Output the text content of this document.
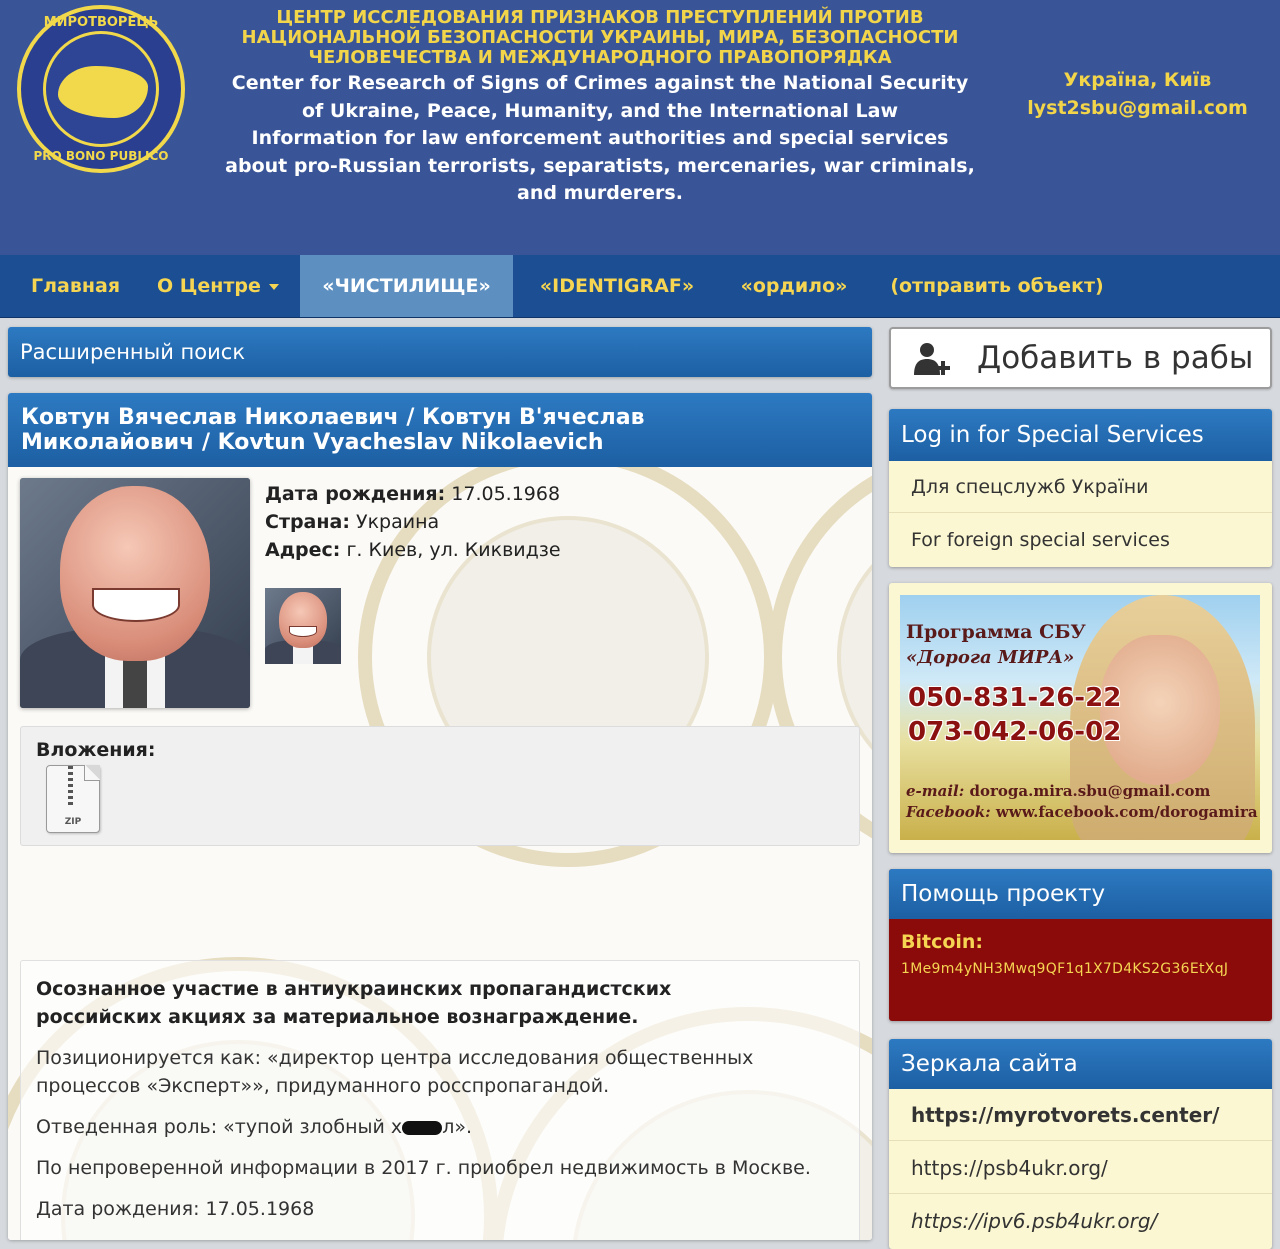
МИРОТВОРЕЦЬ
PRO BONO PUBLICO
ЦЕНТР ИССЛЕДОВАНИЯ ПРИЗНАКОВ ПРЕСТУПЛЕНИЙ ПРОТИВ
НАЦИОНАЛЬНОЙ БЕЗОПАСНОСТИ УКРАИНЫ, МИРА, БЕЗОПАСНОСТИ
ЧЕЛОВЕЧЕСТВА И МЕЖДУНАРОДНОГО ПРАВОПОРЯДКА
Center for Research of Signs of Crimes against the National Security
of Ukraine, Peace, Humanity, and the International Law
Information for law enforcement authorities and special services
about pro-Russian terrorists, separatists, mercenaries, war criminals,
and murderers.
Україна, Київ
lyst2sbu@gmail.com
Главная	О Центре	«ЧИСТИЛИЩЕ»	«IDENTIGRAF»	«ордило»	(отправить объект)
Расширенный поиск
Ковтун Вячеслав Николаевич / Ковтун В'ячеслав
Миколайович / Kovtun Vyacheslav Nikolaevich
Дата рождения: 17.05.1968
Страна: Украина
Адрес: г. Киев, ул. Киквидзе
Вложения:
ZIP

Осознанное участие в антиукраинских пропагандистских
российских акциях за материальное вознаграждение.

Позиционируется как: «директор центра исследования общественных
процессов «Эксперт»», придуманного росспропагандой.

Отведенная роль: «тупой злобный х л».

По непроверенной информации в 2017 г. приобрел недвижимость в Москве.

Дата рождения: 17.05.1968

Добавить в рабы
Log in for Special Services
Для спецслужб України
For foreign special services
Программа СБУ
«Дорога МИРА»
050-831-26-22
073-042-06-02
e-mail: doroga.mira.sbu@gmail.com
Facebook: www.facebook.com/dorogamira
Помощь проекту
Bitcoin:
1Me9m4yNH3Mwq9QF1q1X7D4KS2G36EtXqJ
Зеркала сайта
https://myrotvorets.center/
https://psb4ukr.org/
https://ipv6.psb4ukr.org/
